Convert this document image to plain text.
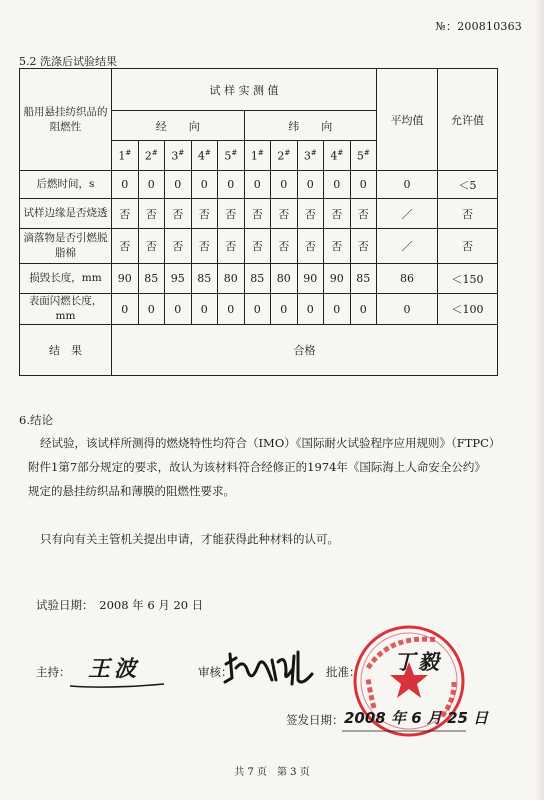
№：200810363
5.2 洗涤后试验结果
船用悬挂纺织品的阻燃性	试 样 实 测 值										平均值	允许值
	经　　向					纬　　向						
	1#	2#	3#	4#	5#	1#	2#	3#	4#	5#
后燃时间，s	0	0	0	0	0	0	0	0	0	0	0	＜5
试样边缘是否烧透	否	否	否	否	否	否	否	否	否	否	／	否
滴落物是否引燃脱脂棉	否	否	否	否	否	否	否	否	否	否	／	否
损毁长度，mm	90	85	95	85	80	85	80	90	90	85	86	＜150
表面闪燃长度，mm	0	0	0	0	0	0	0	0	0	0	0	＜100
结　果	合格											
6.结论
经试验，该试样所测得的燃烧特性均符合（IMO）《国际耐火试验程序应用规则》（FTPC）
附件1第7部分规定的要求，故认为该材料符合经修正的1974年《国际海上人命安全公约》
规定的悬挂纺织品和薄膜的阻燃性要求。
只有向有关主管机关提出申请，才能获得此种材料的认可。
试验日期：　2008 年 6 月 20 日
主持： 王波	审核：	批准： 丁毅
签发日期： 2008 年 6 月 25 日
共 7 页　第 3 页
